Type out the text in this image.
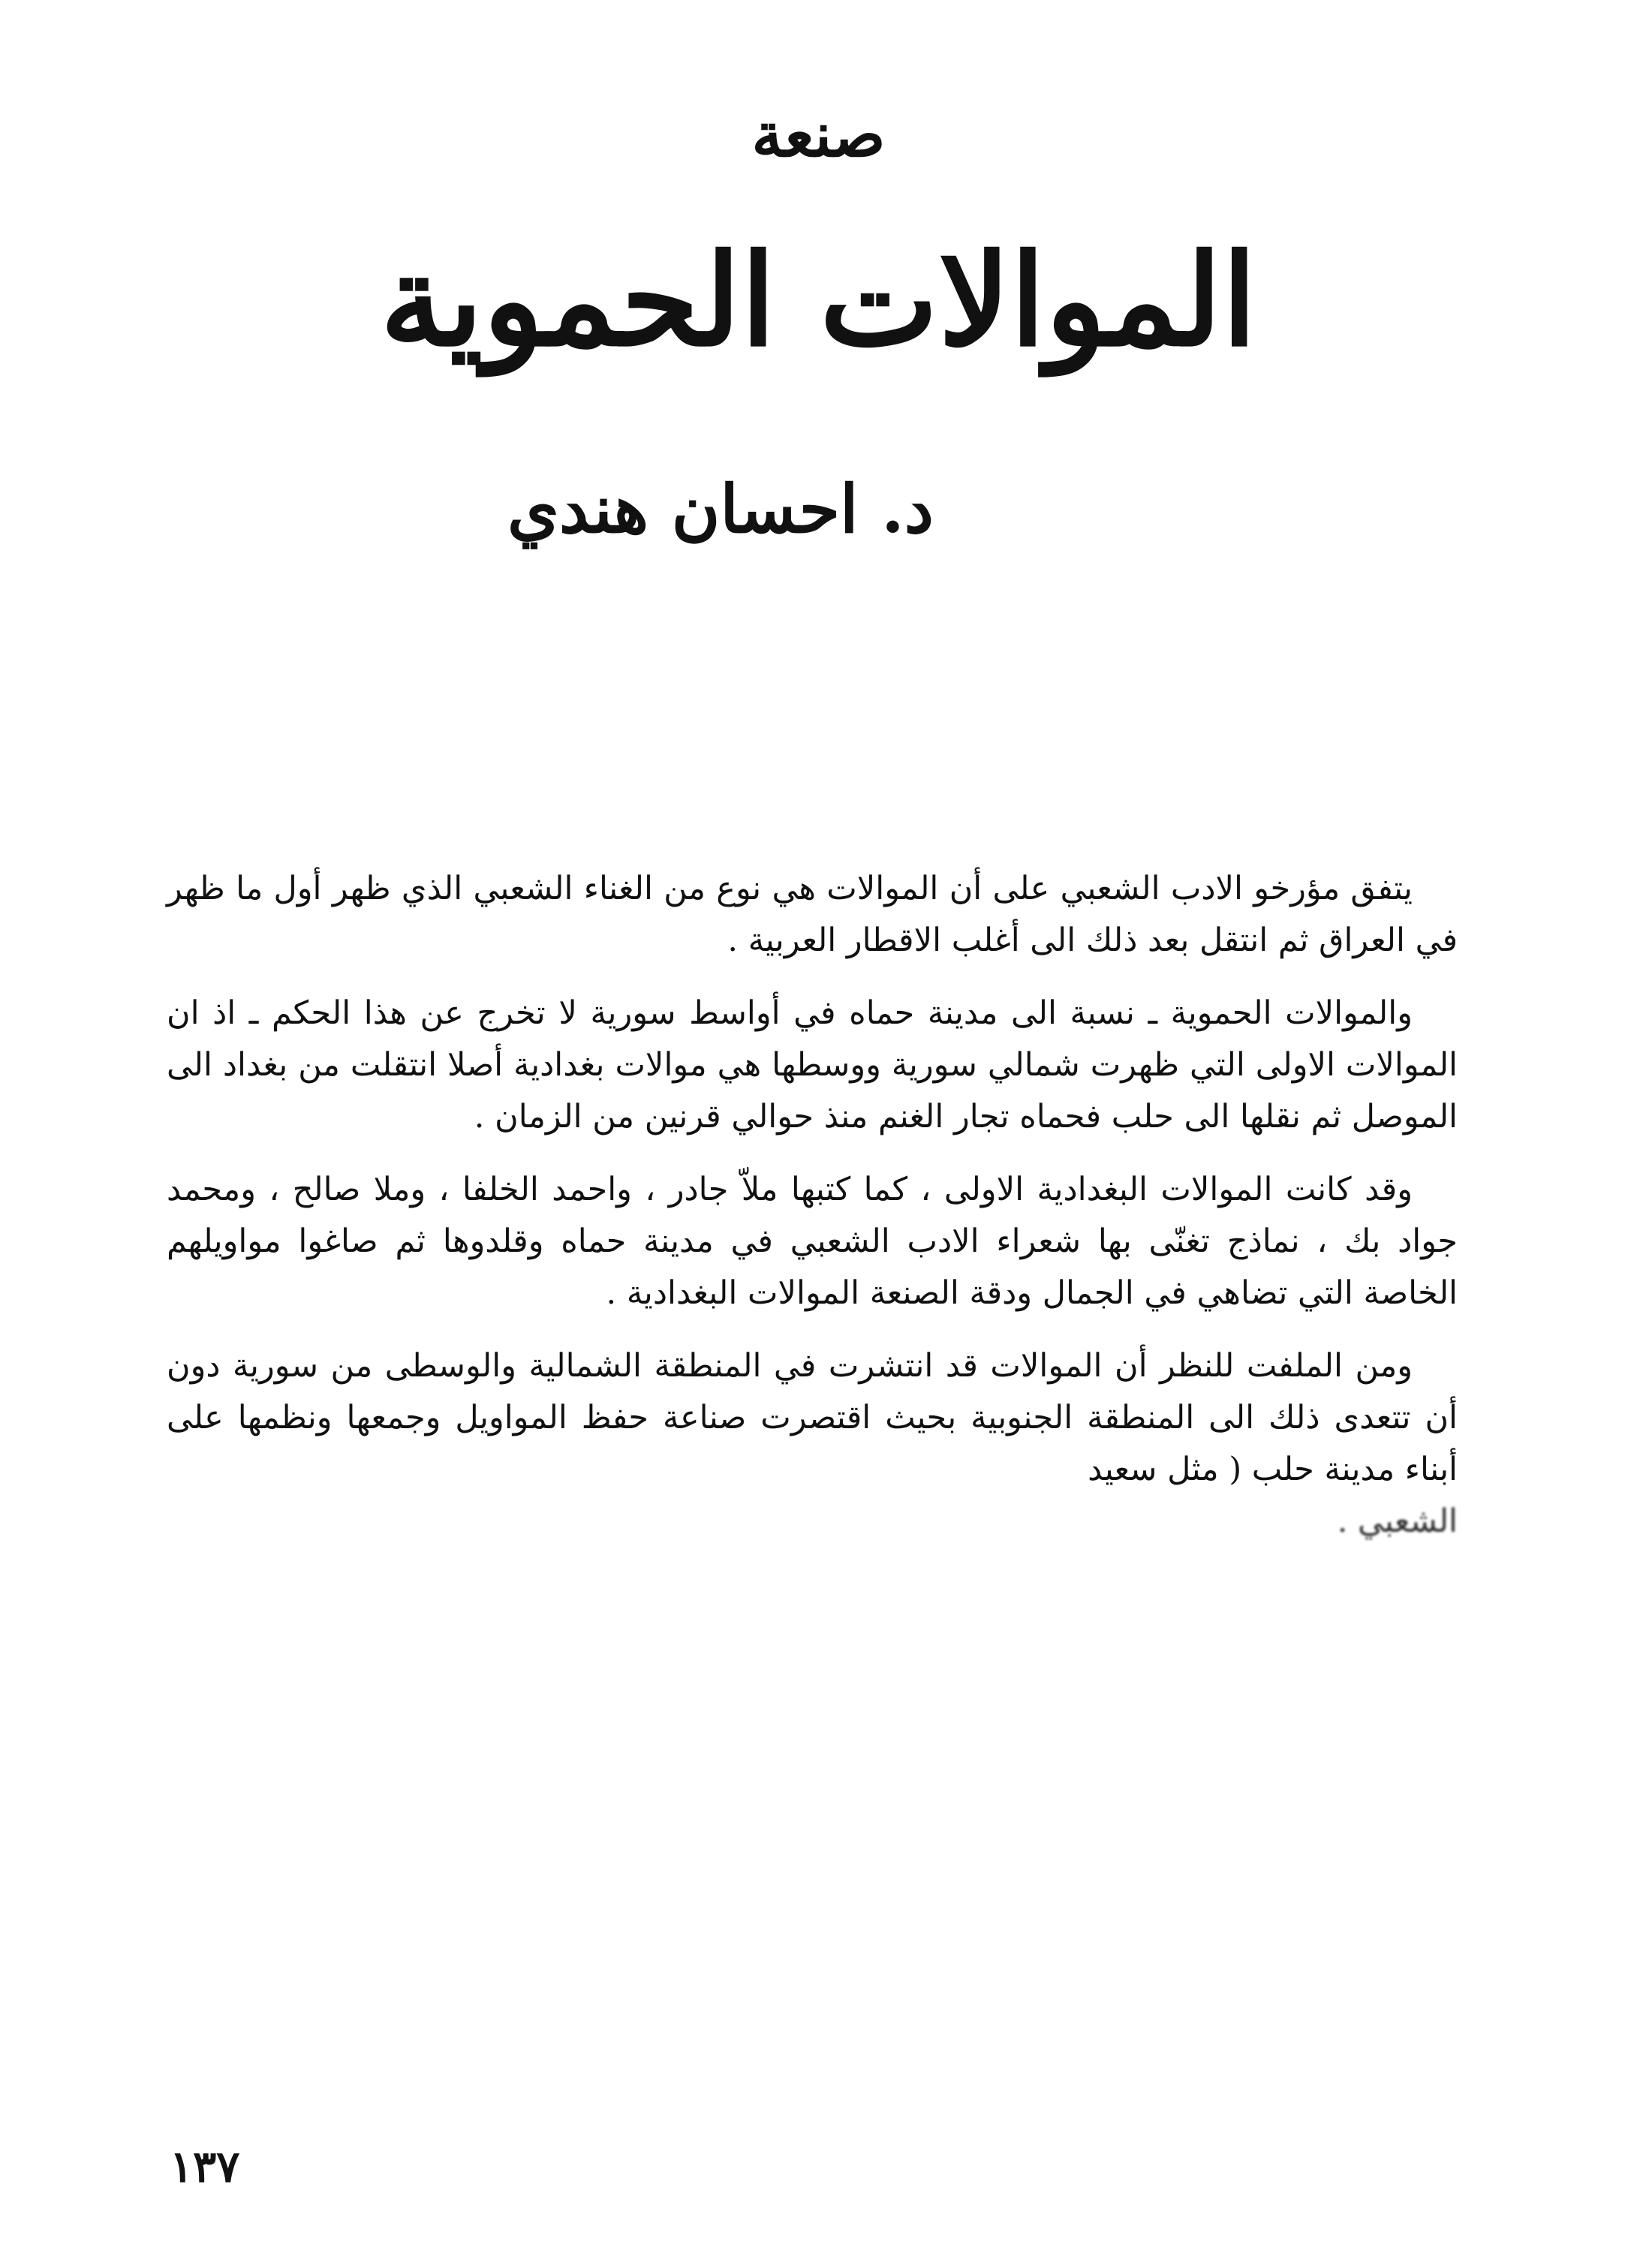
صنعة
الموالات الحموية
د. احسان هندي

يتفق مؤرخو الادب الشعبي على أن الموالات هي نوع من الغناء الشعبي الذي ظهر أول ما ظهر في العراق ثم انتقل بعد ذلك الى أغلب الاقطار العربية .

والموالات الحموية ـ نسبة الى مدينة حماه في أواسط سورية لا تخرج عن هذا الحكم ـ اذ ان الموالات الاولى التي ظهرت شمالي سورية ووسطها هي موالات بغدادية أصلا انتقلت من بغداد الى الموصل ثم نقلها الى حلب فحماه تجار الغنم منذ حوالي قرنين من الزمان .

وقد كانت الموالات البغدادية الاولى ، كما كتبها ملاّ جادر ، واحمد الخلفا ، وملا صالح ، ومحمد جواد بك ، نماذج تغنّى بها شعراء الادب الشعبي في مدينة حماه وقلدوها ثم صاغوا مواويلهم الخاصة التي تضاهي في الجمال ودقة الصنعة الموالات البغدادية .

ومن الملفت للنظر أن الموالات قد انتشرت في المنطقة الشمالية والوسطى من سورية دون أن تتعدى ذلك الى المنطقة الجنوبية بحيث اقتصرت صناعة حفظ المواويل وجمعها ونظمها على أبناء مدينة حلب ( مثل سعيد

الشعبي .

١٣٧
